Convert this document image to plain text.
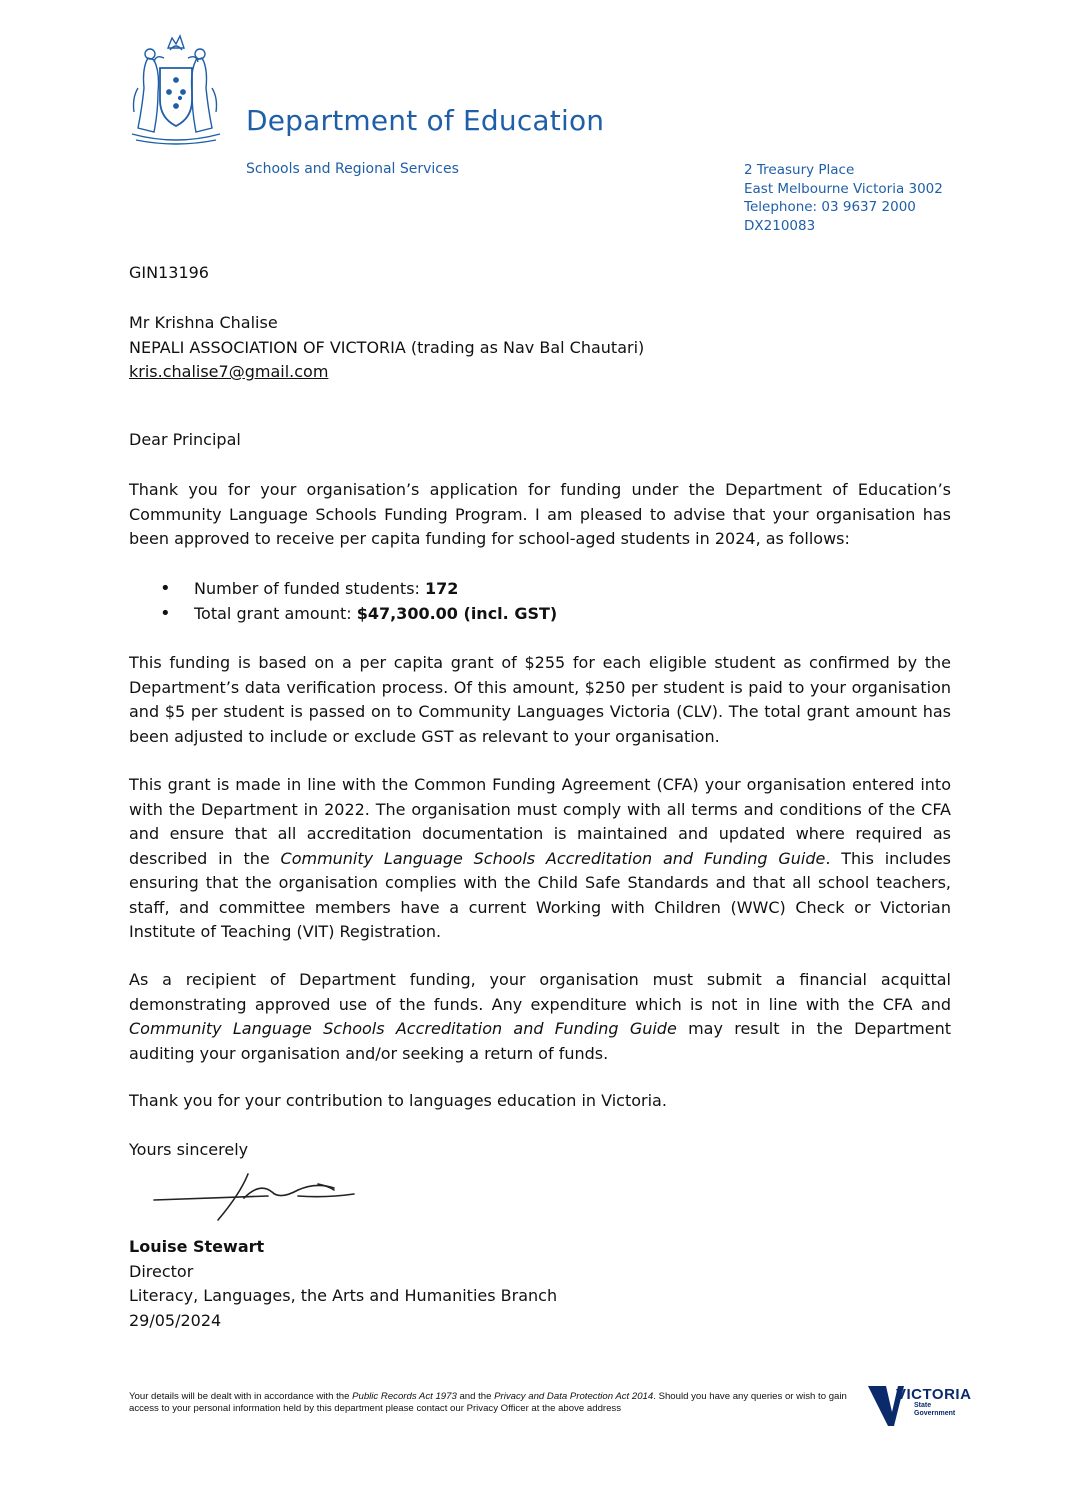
Department of Education
Schools and Regional Services	2 Treasury Place
East Melbourne Victoria 3002
Telephone: 03 9637 2000
DX210083
GIN13196
Mr Krishna Chalise
NEPALI ASSOCIATION OF VICTORIA (trading as Nav Bal Chautari)
kris.chalise7@gmail.com
Dear Principal
Thank you for your organisation’s application for funding under the Department of Education’s Community Language Schools Funding Program. I am pleased to advise that your organisation has been approved to receive per capita funding for school-aged students in 2024, as follows:
•	Number of funded students:
172
•	Total grant amount:
$47,300.00 (incl. GST)
This funding is based on a per capita grant of $255 for each eligible student as confirmed by the Department’s data verification process. Of this amount, $250 per student is paid to your organisation and $5 per student is passed on to Community Languages Victoria (CLV). The total grant amount has been adjusted to include or exclude GST as relevant to your organisation.
This grant is made in line with the Common Funding Agreement (CFA) your organisation entered into with the Department in 2022. The organisation must comply with all terms and conditions of the CFA and ensure that all accreditation documentation is maintained and updated where required as described in the Community Language Schools Accreditation and Funding Guide. This includes ensuring that the organisation complies with the Child Safe Standards and that all school teachers, staff, and committee members have a current Working with Children (WWC) Check or Victorian Institute of Teaching (VIT) Registration.
As a recipient of Department funding, your organisation must submit a financial acquittal demonstrating approved use of the funds. Any expenditure which is not in line with the CFA and Community Language Schools Accreditation and Funding Guide may result in the Department auditing your organisation and/or seeking a return of funds.
Thank you for your contribution to languages education in Victoria.
Yours sincerely
Louise Stewart
Director
Literacy, Languages, the Arts and Humanities Branch
29/05/2024
Your details will be dealt with in accordance with the Public Records Act 1973 and the Privacy and Data Protection Act 2014. Should you have any queries or wish to gain access to your personal information held by this department please contact our Privacy Officer at the above address
VICTORIA
State
Government
